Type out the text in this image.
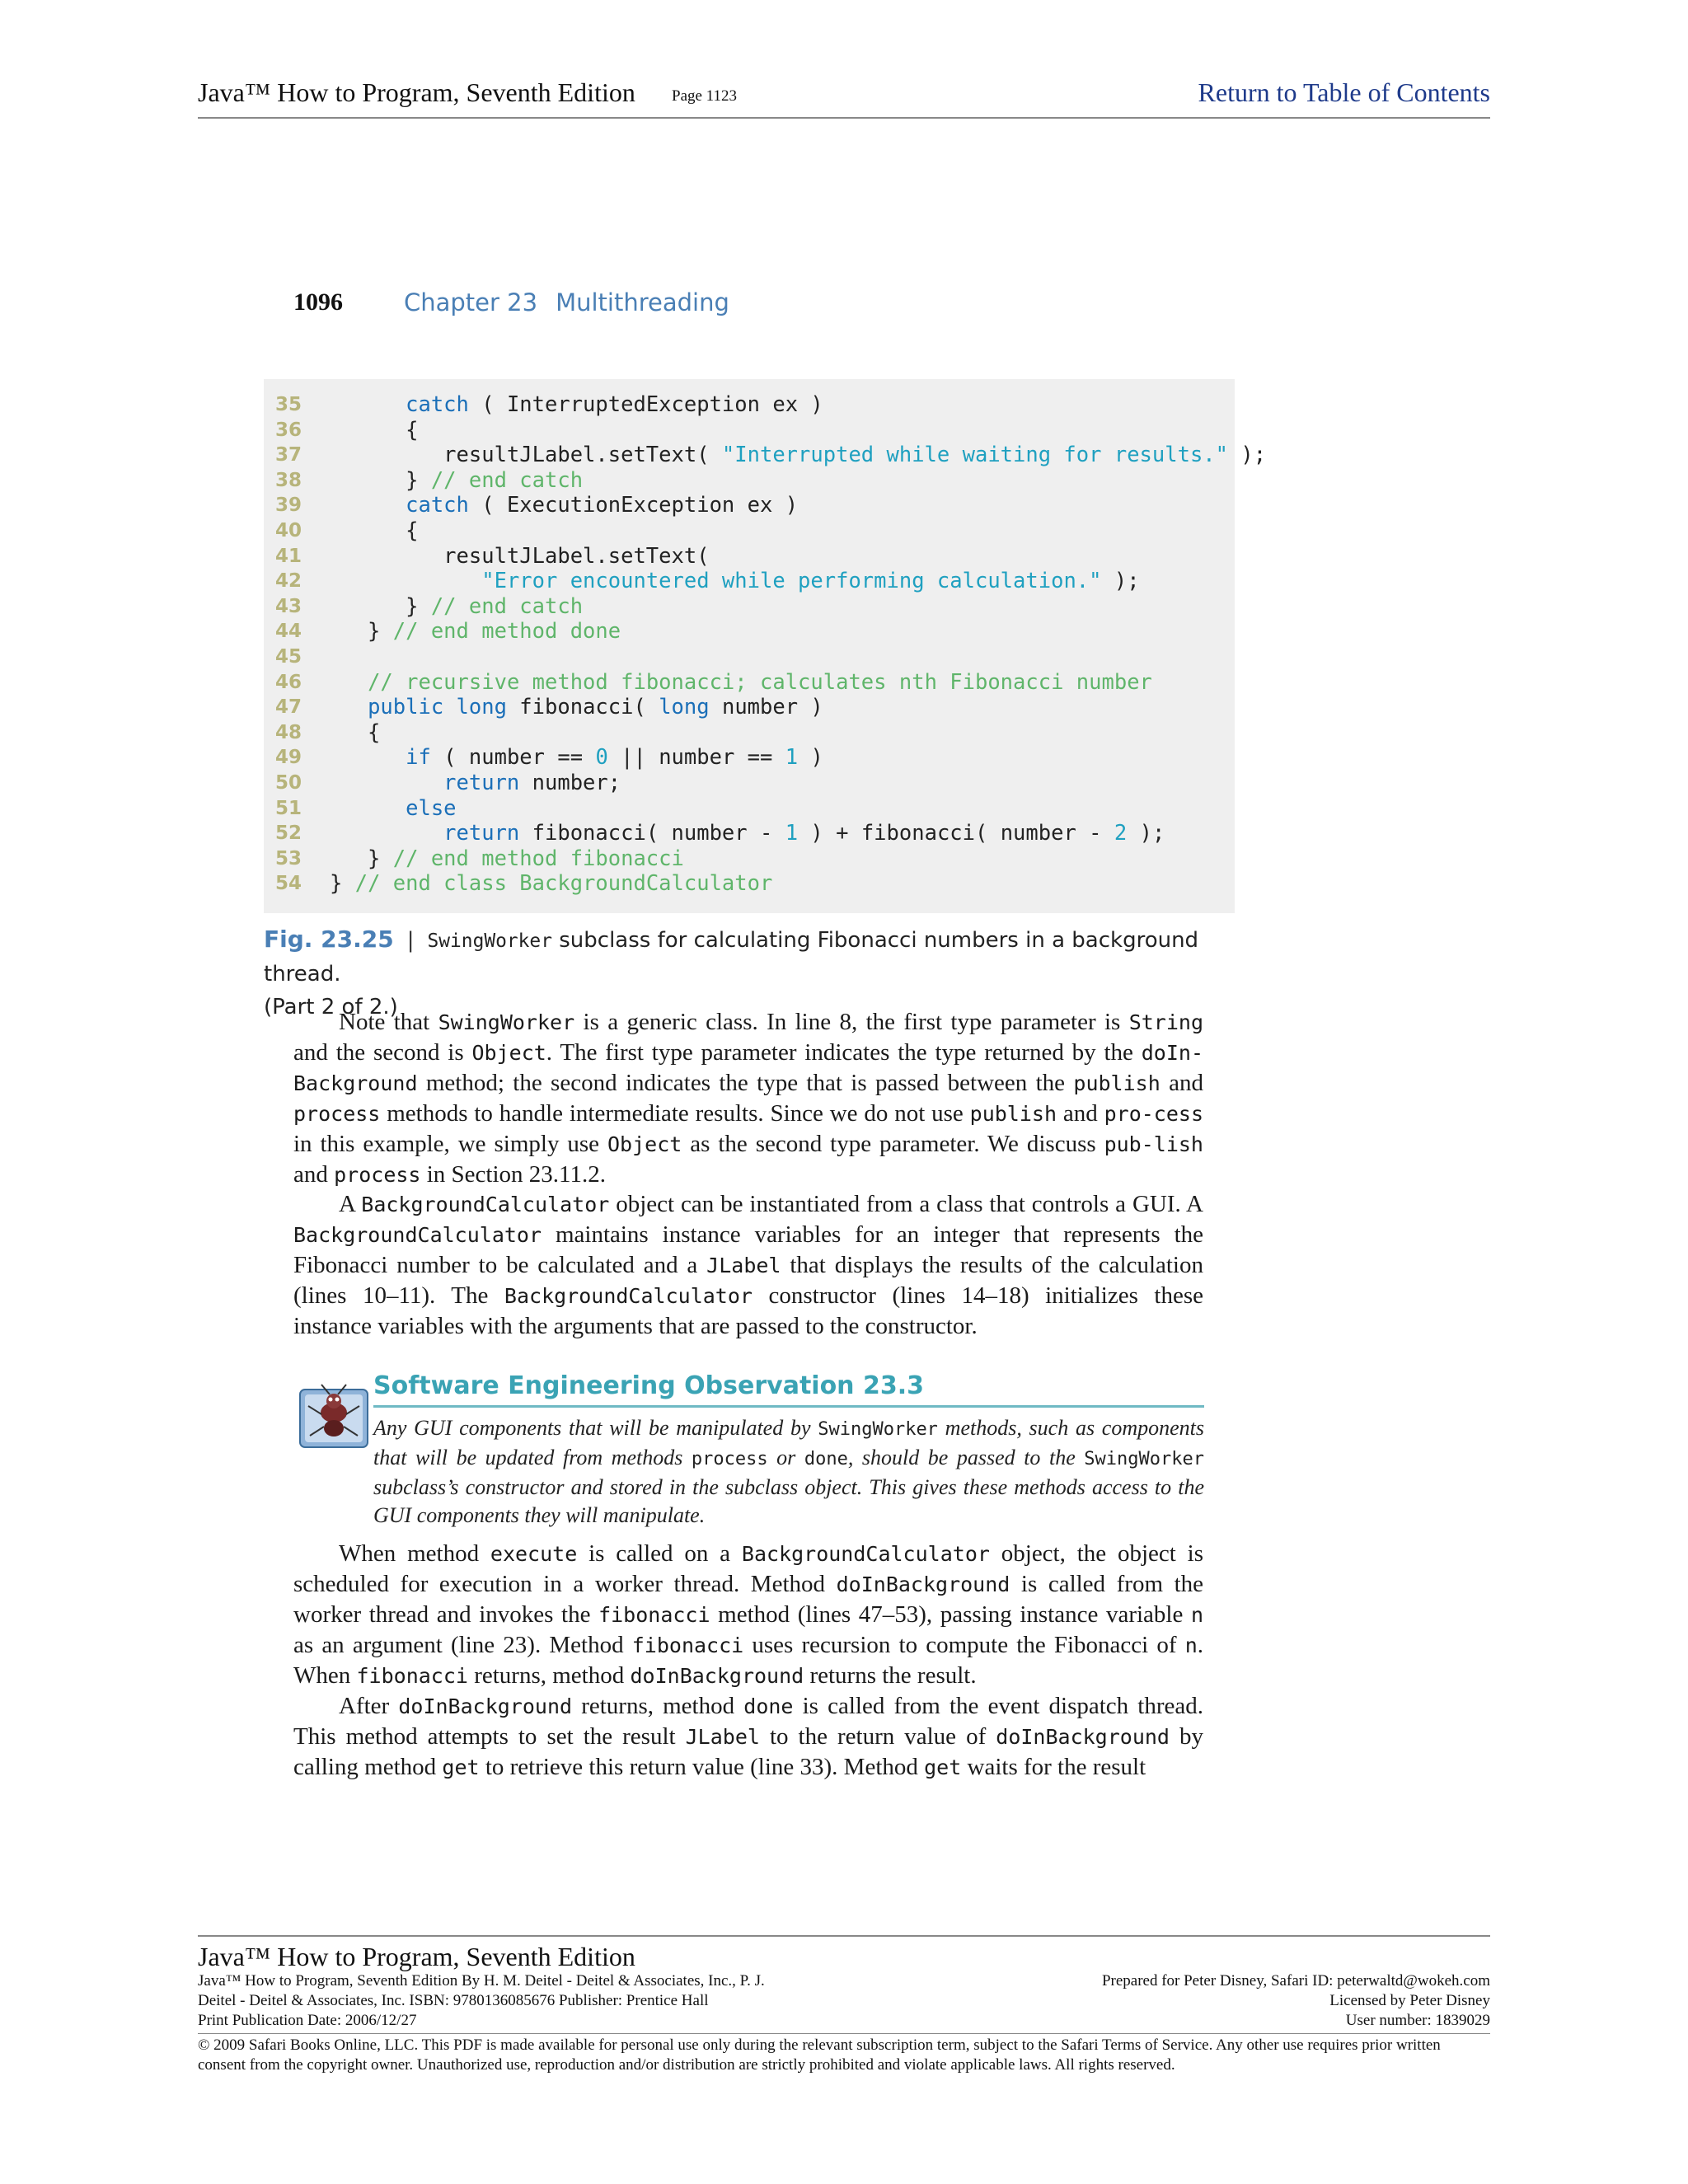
Java™ How to Program, Seventh Edition Page 1123	Return to Table of Contents
1096	Chapter 23 Multithreading
35	catch ( InterruptedException ex )
36	{
37	resultJLabel.setText( "Interrupted while waiting for results." );
38	} // end catch
39	catch ( ExecutionException ex )
40	{
41	resultJLabel.setText(
42	"Error encountered while performing calculation." );
43	} // end catch
44	} // end method done
45
46	// recursive method fibonacci; calculates nth Fibonacci number
47	public long fibonacci( long number )
48	{
49	if ( number == 0 || number == 1 )
50	return number;
51	else
52	return fibonacci( number - 1 ) + fibonacci( number - 2 );
53	} // end method fibonacci
54	} // end class BackgroundCalculator
Fig. 23.25 | SwingWorker subclass for calculating Fibonacci numbers in a background thread.
(Part 2 of 2.)

Note that SwingWorker is a generic class. In line 8, the first type parameter is String and the second is Object. The first type parameter indicates the type returned by the doIn-Background method; the second indicates the type that is passed between the publish and process methods to handle intermediate results. Since we do not use publish and pro-cess in this example, we simply use Object as the second type parameter. We discuss pub-lish and process in Section 23.11.2.

A BackgroundCalculator object can be instantiated from a class that controls a GUI. A BackgroundCalculator maintains instance variables for an integer that represents the Fibonacci number to be calculated and a JLabel that displays the results of the calculation (lines 10–11). The BackgroundCalculator constructor (lines 14–18) initializes these instance variables with the arguments that are passed to the constructor.

Software Engineering Observation 23.3
Any GUI components that will be manipulated by SwingWorker methods, such as components that will be updated from methods process or done, should be passed to the SwingWorker subclass’s constructor and stored in the subclass object. This gives these methods access to the GUI components they will manipulate.

When method execute is called on a BackgroundCalculator object, the object is scheduled for execution in a worker thread. Method doInBackground is called from the worker thread and invokes the fibonacci method (lines 47–53), passing instance variable n as an argument (line 23). Method fibonacci uses recursion to compute the Fibonacci of n. When fibonacci returns, method doInBackground returns the result.

After doInBackground returns, method done is called from the event dispatch thread. This method attempts to set the result JLabel to the return value of doInBackground by calling method get to retrieve this return value (line 33). Method get waits for the result

Java™ How to Program, Seventh Edition
Java™ How to Program, Seventh Edition By H. M. Deitel - Deitel & Associates, Inc., P. J.	Prepared for Peter Disney, Safari ID: peterwaltd@wokeh.com
Deitel - Deitel & Associates, Inc. ISBN: 9780136085676 Publisher: Prentice Hall	Licensed by Peter Disney
Print Publication Date: 2006/12/27	User number: 1839029
© 2009 Safari Books Online, LLC. This PDF is made available for personal use only during the relevant subscription term, subject to the Safari Terms of Service. Any other use requires prior written consent from the copyright owner. Unauthorized use, reproduction and/or distribution are strictly prohibited and violate applicable laws. All rights reserved.
